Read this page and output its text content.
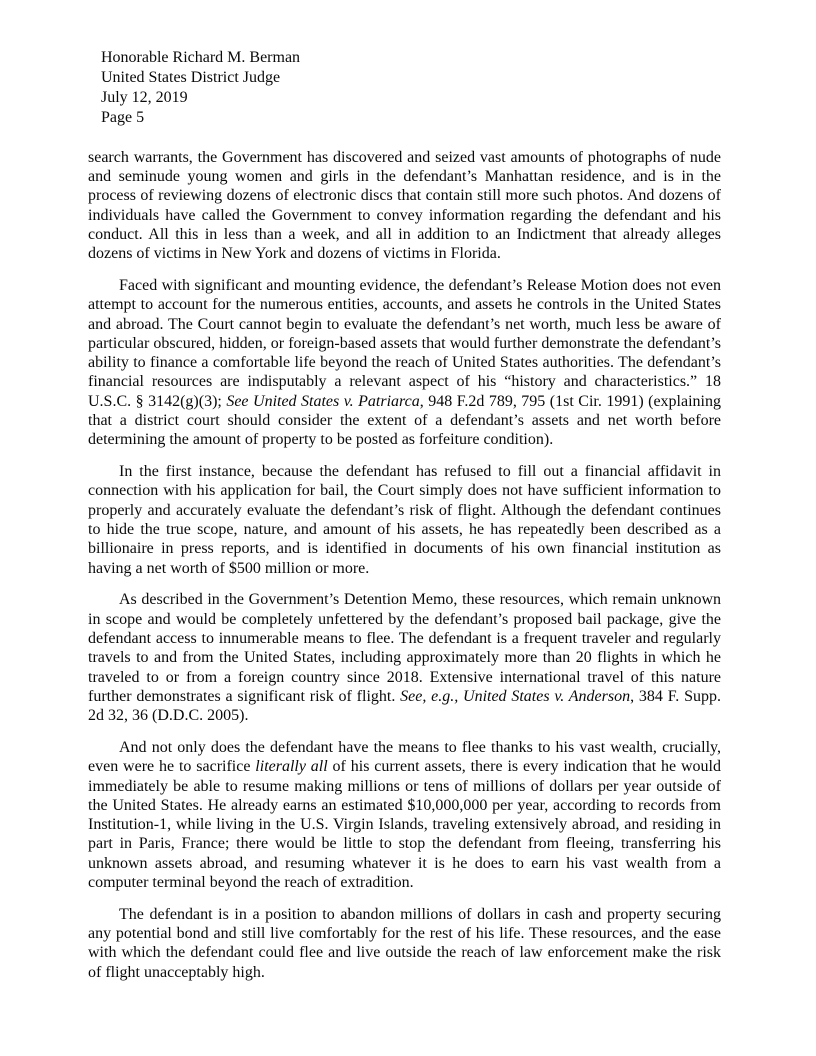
Honorable Richard M. Berman
United States District Judge
July 12, 2019
Page 5

search warrants, the Government has discovered and seized vast amounts of photographs of nude and seminude young women and girls in the defendant’s Manhattan residence, and is in the process of reviewing dozens of electronic discs that contain still more such photos. And dozens of individuals have called the Government to convey information regarding the defendant and his conduct. All this in less than a week, and all in addition to an Indictment that already alleges dozens of victims in New York and dozens of victims in Florida.

Faced with significant and mounting evidence, the defendant’s Release Motion does not even attempt to account for the numerous entities, accounts, and assets he controls in the United States and abroad. The Court cannot begin to evaluate the defendant’s net worth, much less be aware of particular obscured, hidden, or foreign-based assets that would further demonstrate the defendant’s ability to finance a comfortable life beyond the reach of United States authorities. The defendant’s financial resources are indisputably a relevant aspect of his “history and characteristics.” 18 U.S.C. § 3142(g)(3); See United States v. Patriarca, 948 F.2d 789, 795 (1st Cir. 1991) (explaining that a district court should consider the extent of a defendant’s assets and net worth before determining the amount of property to be posted as forfeiture condition).

In the first instance, because the defendant has refused to fill out a financial affidavit in connection with his application for bail, the Court simply does not have sufficient information to properly and accurately evaluate the defendant’s risk of flight. Although the defendant continues to hide the true scope, nature, and amount of his assets, he has repeatedly been described as a billionaire in press reports, and is identified in documents of his own financial institution as having a net worth of $500 million or more.

As described in the Government’s Detention Memo, these resources, which remain unknown in scope and would be completely unfettered by the defendant’s proposed bail package, give the defendant access to innumerable means to flee. The defendant is a frequent traveler and regularly travels to and from the United States, including approximately more than 20 flights in which he traveled to or from a foreign country since 2018. Extensive international travel of this nature further demonstrates a significant risk of flight. See, e.g., United States v. Anderson, 384 F. Supp. 2d 32, 36 (D.D.C. 2005).

And not only does the defendant have the means to flee thanks to his vast wealth, crucially, even were he to sacrifice literally all of his current assets, there is every indication that he would immediately be able to resume making millions or tens of millions of dollars per year outside of the United States. He already earns an estimated $10,000,000 per year, according to records from Institution-1, while living in the U.S. Virgin Islands, traveling extensively abroad, and residing in part in Paris, France; there would be little to stop the defendant from fleeing, transferring his unknown assets abroad, and resuming whatever it is he does to earn his vast wealth from a computer terminal beyond the reach of extradition.

The defendant is in a position to abandon millions of dollars in cash and property securing any potential bond and still live comfortably for the rest of his life. These resources, and the ease with which the defendant could flee and live outside the reach of law enforcement make the risk of flight unacceptably high.
